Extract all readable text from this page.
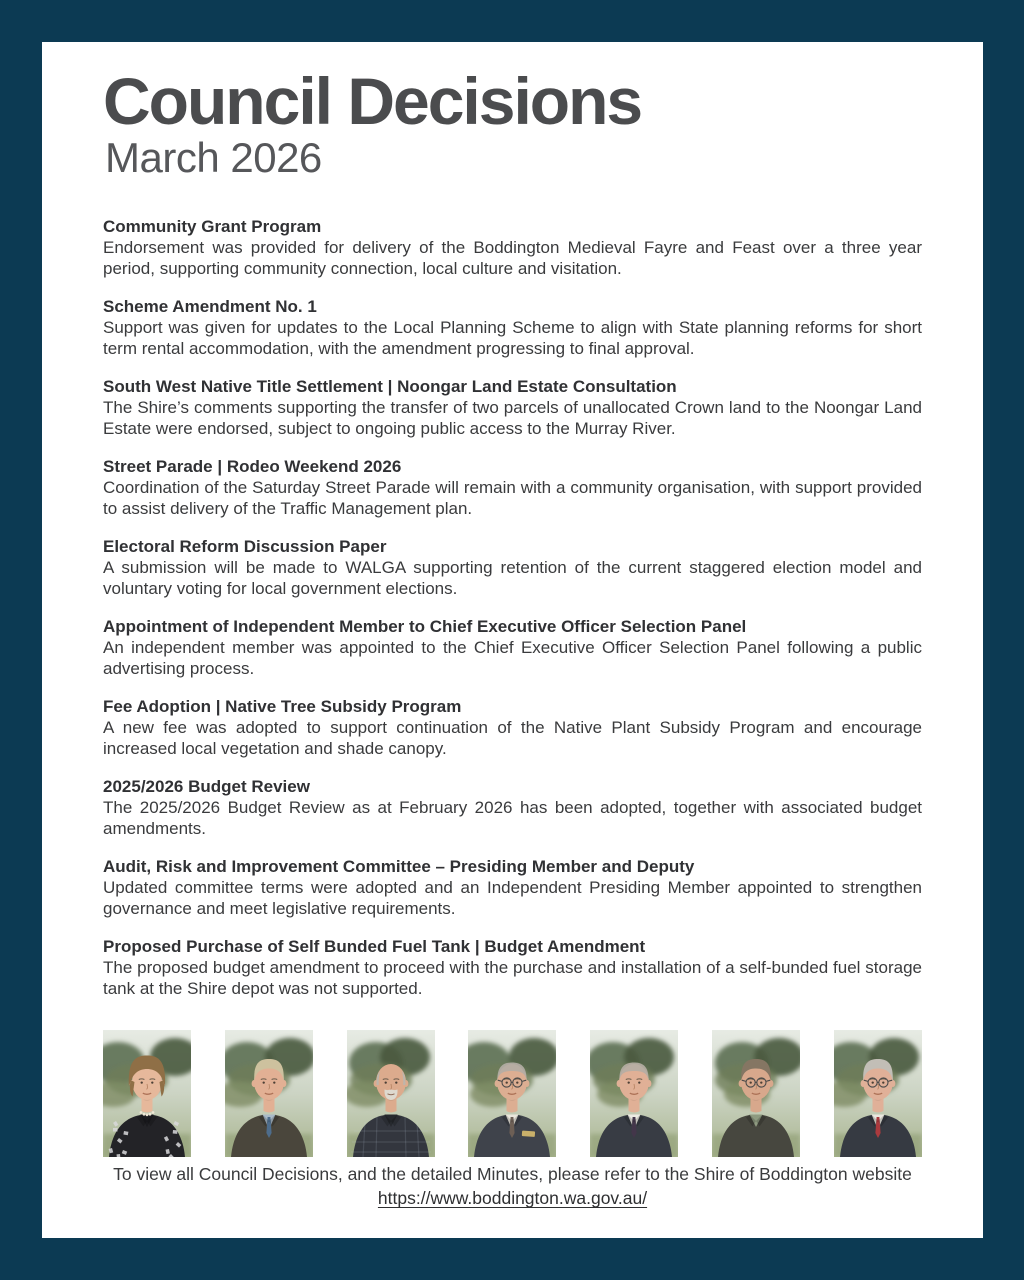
Council Decisions
March 2026
Community Grant Program

Endorsement was provided for delivery of the Boddington Medieval Fayre and Feast over a three year period, supporting community connection, local culture and visitation.

Scheme Amendment No. 1

Support was given for updates to the Local Planning Scheme to align with State planning reforms for short term rental accommodation, with the amendment progressing to final approval.

South West Native Title Settlement | Noongar Land Estate Consultation

The Shire’s comments supporting the transfer of two parcels of unallocated Crown land to the Noongar Land Estate were endorsed, subject to ongoing public access to the Murray River.

Street Parade | Rodeo Weekend 2026

Coordination of the Saturday Street Parade will remain with a community organisation, with support provided to assist delivery of the Traffic Management plan.

Electoral Reform Discussion Paper

A submission will be made to WALGA supporting retention of the current staggered election model and voluntary voting for local government elections.

Appointment of Independent Member to Chief Executive Officer Selection Panel

An independent member was appointed to the Chief Executive Officer Selection Panel following a public advertising process.

Fee Adoption | Native Tree Subsidy Program

A new fee was adopted to support continuation of the Native Plant Subsidy Program and encourage increased local vegetation and shade canopy.

2025/2026 Budget Review

The 2025/2026 Budget Review as at February 2026 has been adopted, together with associated budget amendments.

Audit, Risk and Improvement Committee – Presiding Member and Deputy

Updated committee terms were adopted and an Independent Presiding Member appointed to strengthen governance and meet legislative requirements.

Proposed Purchase of Self Bunded Fuel Tank | Budget Amendment

The proposed budget amendment to proceed with the purchase and installation of a self-bunded fuel storage tank at the Shire depot was not supported.

To view all Council Decisions, and the detailed Minutes, please refer to the Shire of Boddington website

https://www.boddington.wa.gov.au/
